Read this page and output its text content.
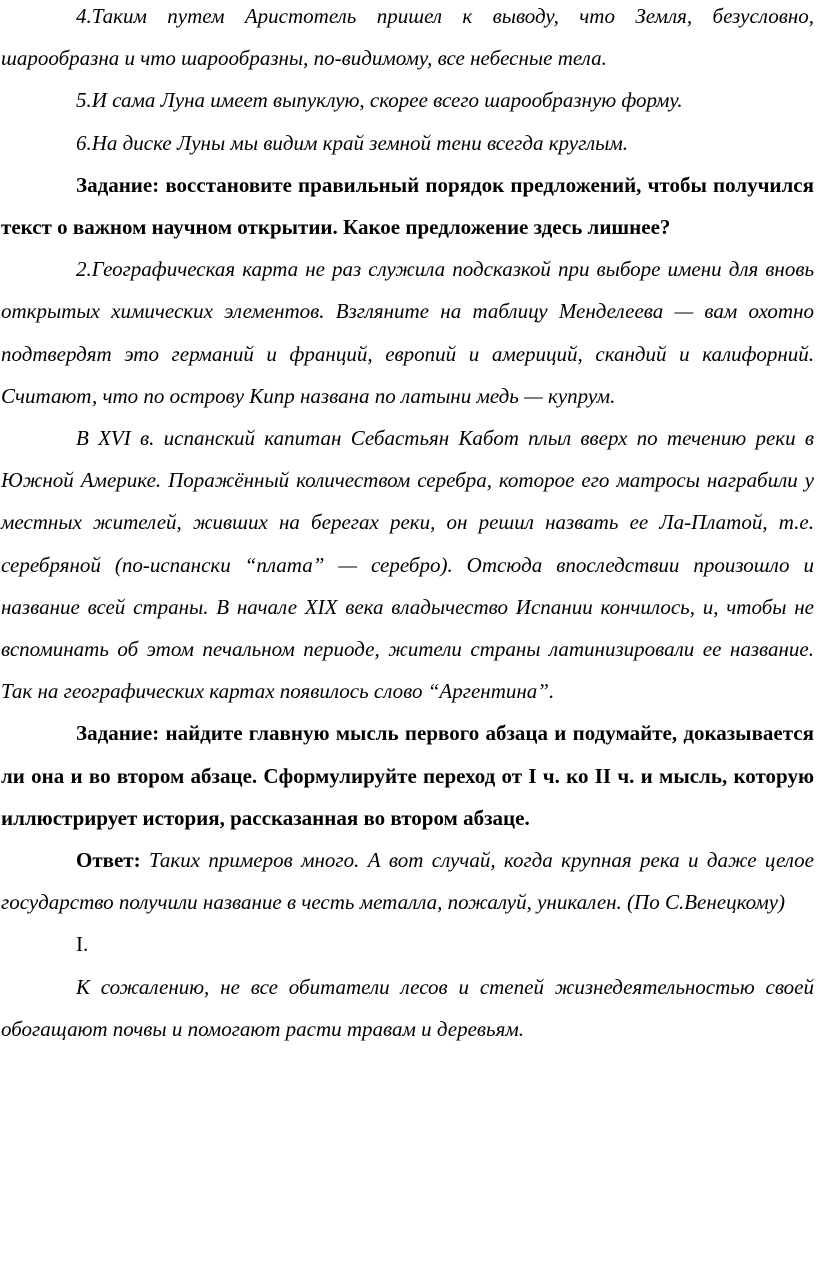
4.Таким путем Аристотель пришел к выводу, что Земля, безусловно, шарообразна и что шарообразны, по-видимому, все небесные тела.

5.И сама Луна имеет выпуклую, скорее всего шарообразную форму.

6.На диске Луны мы видим край земной тени всегда круглым.

Задание: восстановите правильный порядок предложений, чтобы получился текст о важном научном открытии. Какое предложение здесь лишнее?

2.Географическая карта не раз служила подсказкой при выборе имени для вновь открытых химических элементов. Взгляните на таблицу Менделеева — вам охотно подтвердят это германий и франций, европий и америций, скандий и калифорний. Считают, что по острову Кипр названа по латыни медь — купрум.

В XVI в. испанский капитан Себастьян Кабот плыл вверх по течению реки в Южной Америке. Поражённый количеством серебра, которое его матросы награбили у местных жителей, живших на берегах реки, он решил назвать ее Ла-Платой, т.е. серебряной (по-испански “плата” — серебро). Отсюда впоследствии произошло и название всей страны. В начале XIX века владычество Испании кончилось, и, чтобы не вспоминать об этом печальном периоде, жители страны латинизировали ее название. Так на географических картах появилось слово “Аргентина”.

Задание: найдите главную мысль первого абзаца и подумайте, доказывается ли она и во втором абзаце. Сформулируйте переход от I ч. ко II ч. и мысль, которую иллюстрирует история, рассказанная во втором абзаце.

Ответ: Таких примеров много. А вот случай, когда крупная река и даже целое государство получили название в честь металла, пожалуй, уникален. (По С.Венецкому)

I.

К сожалению, не все обитатели лесов и степей жизнедеятельностью своей обогащают почвы и помогают расти травам и деревьям.
